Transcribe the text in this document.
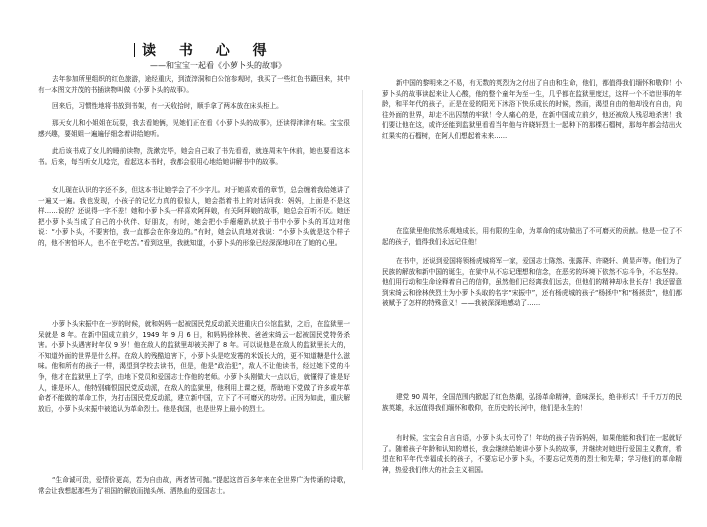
读 书 心 得
——和宝宝一起看《小萝卜头的故事》

去年参加所里组织的红色旅游，途经重庆，到渣滓洞和白公馆参观时，我买了一些红色书籍回来，其中有一本图文并茂的书插读物叫做《小萝卜头的故事》。

回来后，习惯性地将书放到书架，有一天收拾时，顺手拿了两本放在床头柜上。

那天女儿和小姐姐在玩耍，我去看她俩，见她们正在看《小萝卜头的故事》，还读得津津有味。宝宝很感兴趣，要姐姐一遍遍仔细念着讲给她听。

此后该书成了女儿的睡前读物，洗漱完毕，她会自己取了书先看看，就连周末午休前，她也要看这本书。后来，每当听女儿唸完，看起这本书时，我都会很用心地给她讲解书中的故事。

女儿现在认识的字还不多，但这本书让她学会了不少字儿。对于她喜欢看的章节，总会缠着我给她讲了一遍又一遍。我也发现，小孩子的记忆力真的很惊人，她会指着书上的对话问我：妈妈，上面是不是这样……说的？还说得一字不差！她和小萝卜头一样喜欢阿拜娘，有关阿拜娘的故事，她总会百听不厌。她还把小萝卜头当成了自己的小伙伴、好朋友，有时，她会把小手瘪瘪趴状放于书中小萝卜头的耳边对他说：“小萝卜头，不要害怕，我一直都会在你身边的。”有时，她会认真地对我说：“小萝卜头就是这个样子的，他不害怕坏人，也不在乎吃苦。”看到这里，我就知道，小萝卜头的形象已经深深地印在了她的心里。

小萝卜头宋振中在一岁的时候，就和妈妈一起被国民党反动派关进重庆白公馆监狱，之后，在监狱里一呆就是 8 年。在新中国成立前夕，1949 年 9 月 6 日，和妈妈徐林侠、爸爸宋绮云一起被国民党特务杀害。小萝卜头遇害时年仅 9 岁！他在敌人的监狱里却被关押了 8 年。可以说他是在敌人的监狱里长大的，不知道外面的世界是什么样。在敌人的残酷迫害下，小萝卜头是吃发霉的米饭长大的，更不知道糖是什么滋味。他和所有的孩子一样，渴望到学校去读书，但是，他是“政治犯”，敌人不让他读书，经过她下党的斗争，他才在监狱里上了学，由地下党员和爱国志士作他的老师。小萝卜头刚做大一点以后，就懂得了谁是好人，谁是坏人，他特别痛恨国民党反动派，在敌人的监狱里，他利用上课之便，帮助地下党做了许多或年革命者不能做的革命工作，为打击国民党反动派，建立新中国，立下了不可磨灭的功劳。正因为如此，重庆解放后，小萝卜头宋振中被追认为革命烈士。他是我国，也是世界上最小的烈士。

“生命诚可贵，爱情价更高，若为自由故，两者皆可抛。”提起这首百多年来在全世界广为传诵的诗歌，常会让我想起那些为了祖国的解放而抛头颅、洒热血的爱国志士。

新中国的黎明来之不易，有无数的英烈为之付出了自由和生命，他们，都值得我们缅怀和敬仰！小萝卜头的故事读起来让人心酸，他的整个童年为至一生，几乎都在监狱里度过，这样一个不谙世事的年龄，和平年代的孩子，正是在爱的阳光下沐浴下快乐成长的时候，然而，渴望自由的他却没有自由，向往外面的世界，却走不出囚禁的牢狱！令人痛心的是，在新中国成立前夕，他还被敌人残忍地杀害！我们要让他在这，或许还能到监狱里看看当年他与许晓轩烈士一起种下的那棵石榴树，那每年都会结出火红果实的石榴树，在阿人们想起着未来……

在监狱里他依然乐观地成长，用有限的生命，为革命的成功做出了不可磨灭的贡献。他是一位了不起的孩子，值得我们永远记住他！

在书中，还说到爱国将领杨虎城将军一家，爱国志士陈然、张露萍、许晓轩、黄显声等。他们为了民族的解放和新中国的诞生，在狱中从不忘记理想和信念，在恶劣的环境下依然不忘斗争，不忘坚持。他们用行动和生命诠释着自己的信仰，虽然他们已经离我们远去，但他们的精神却永世长存！我还留意到宋绮云和徐林侠烈士为小萝卜头取的名字“宋振中”，还有杨虎城的孩子“杨拯中”和“杨拯贵”，他们都被赋予了怎样的特殊意义！——我被深深地感动了……

建党 90 周年，全国范围内掀起了红色热潮，弘扬革命精神，意味深长，绝非形式！千千万万的民族英雄，永远值得我们缅怀和敬仰，在历史的长河中，他们是永生的！

有时候，宝宝会自言自语，小萝卜头太可怜了！年幼的孩子告诉妈妈，如果他能和我们在一起就好了。随着孩子年龄和认知的增长，我会继续给她讲小萝卜头的故事，并继续对她进行爱国主义教育，希望在和平年代幸福成长的孩子，不要忘记小萝卜头，不要忘记英勇的烈士和先辈；学习他们的革命精神，热爱我们伟大的社会主义祖国。
